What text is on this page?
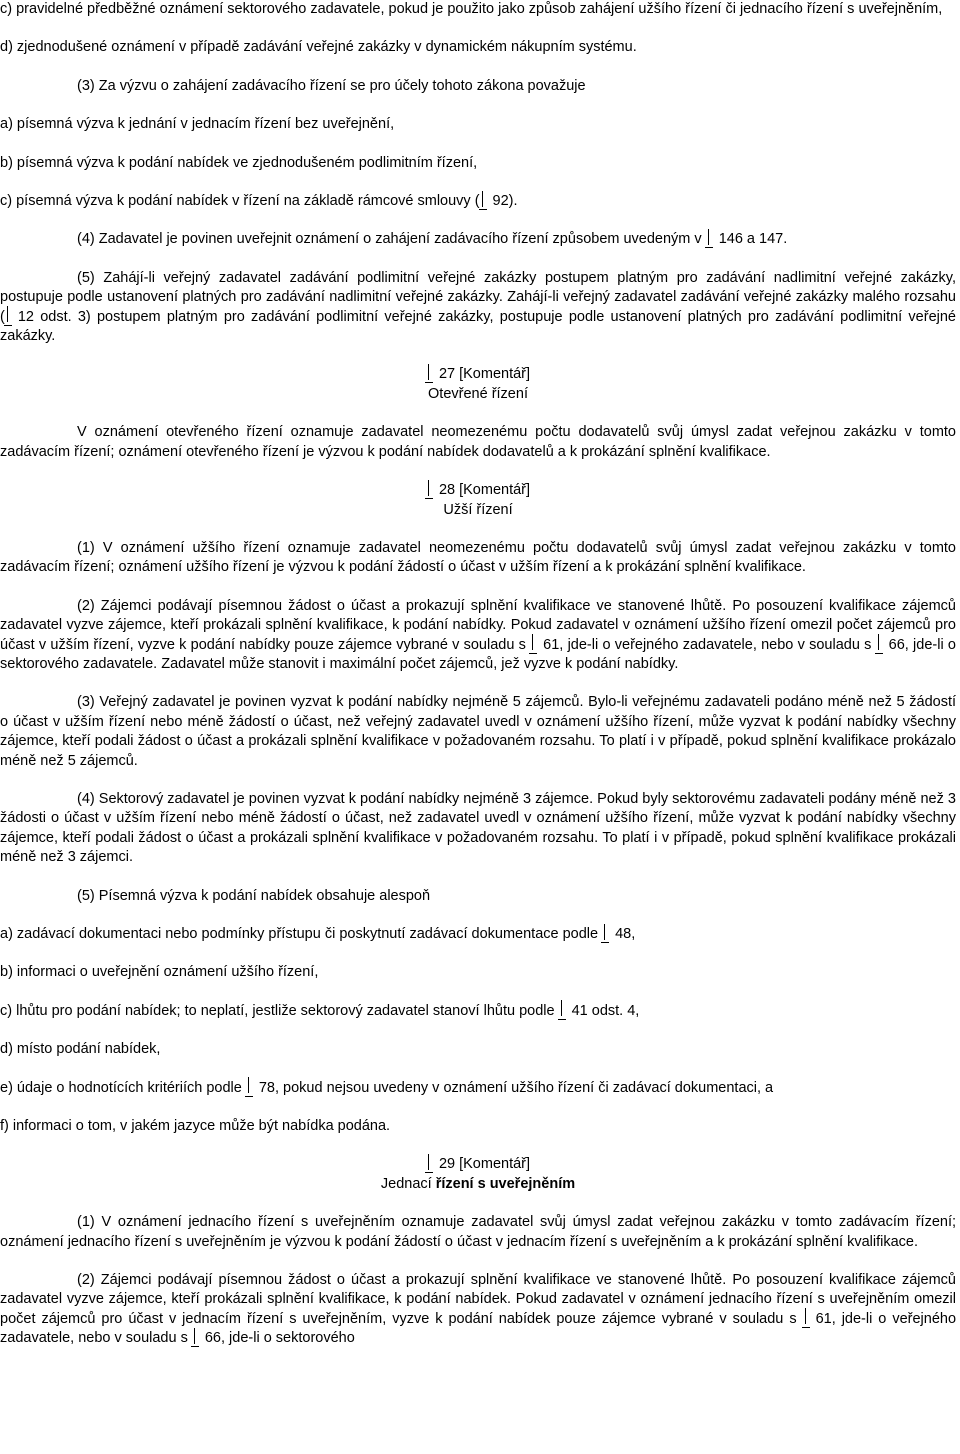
c) pravidelné předběžné oznámení sektorového zadavatele, pokud je použito jako způsob zahájení užšího řízení či jednacího řízení s uveřejněním,

d) zjednodušené oznámení v případě zadávání veřejné zakázky v dynamickém nákupním systému.

(3) Za výzvu o zahájení zadávacího řízení se pro účely tohoto zákona považuje

a) písemná výzva k jednání v jednacím řízení bez uveřejnění,

b) písemná výzva k podání nabídek ve zjednodušeném podlimitním řízení,

c) písemná výzva k podání nabídek v řízení na základě rámcové smlouvy ( 92).

(4) Zadavatel je povinen uveřejnit oznámení o zahájení zadávacího řízení způsobem uvedeným v 146 a 147.

(5) Zahájí-li veřejný zadavatel zadávání podlimitní veřejné zakázky postupem platným pro zadávání nadlimitní veřejné zakázky, postupuje podle ustanovení platných pro zadávání nadlimitní veřejné zakázky. Zahájí-li veřejný zadavatel zadávání veřejné zakázky malého rozsahu ( 12 odst. 3) postupem platným pro zadávání podlimitní veřejné zakázky, postupuje podle ustanovení platných pro zadávání podlimitní veřejné zakázky.

27 [Komentář]

Otevřené řízení

V oznámení otevřeného řízení oznamuje zadavatel neomezenému počtu dodavatelů svůj úmysl zadat veřejnou zakázku v tomto zadávacím řízení; oznámení otevřeného řízení je výzvou k podání nabídek dodavatelů a k prokázání splnění kvalifikace.

28 [Komentář]

Užší řízení

(1) V oznámení užšího řízení oznamuje zadavatel neomezenému počtu dodavatelů svůj úmysl zadat veřejnou zakázku v tomto zadávacím řízení; oznámení užšího řízení je výzvou k podání žádostí o účast v užším řízení a k prokázání splnění kvalifikace.

(2) Zájemci podávají písemnou žádost o účast a prokazují splnění kvalifikace ve stanovené lhůtě. Po posouzení kvalifikace zájemců zadavatel vyzve zájemce, kteří prokázali splnění kvalifikace, k podání nabídky. Pokud zadavatel v oznámení užšího řízení omezil počet zájemců pro účast v užším řízení, vyzve k podání nabídky pouze zájemce vybrané v souladu s 61, jde-li o veřejného zadavatele, nebo v souladu s 66, jde-li o sektorového zadavatele. Zadavatel může stanovit i maximální počet zájemců, jež vyzve k podání nabídky.

(3) Veřejný zadavatel je povinen vyzvat k podání nabídky nejméně 5 zájemců. Bylo-li veřejnému zadavateli podáno méně než 5 žádostí o účast v užším řízení nebo méně žádostí o účast, než veřejný zadavatel uvedl v oznámení užšího řízení, může vyzvat k podání nabídky všechny zájemce, kteří podali žádost o účast a prokázali splnění kvalifikace v požadovaném rozsahu. To platí i v případě, pokud splnění kvalifikace prokázalo méně než 5 zájemců.

(4) Sektorový zadavatel je povinen vyzvat k podání nabídky nejméně 3 zájemce. Pokud byly sektorovému zadavateli podány méně než 3 žádosti o účast v užším řízení nebo méně žádostí o účast, než zadavatel uvedl v oznámení užšího řízení, může vyzvat k podání nabídky všechny zájemce, kteří podali žádost o účast a prokázali splnění kvalifikace v požadovaném rozsahu. To platí i v případě, pokud splnění kvalifikace prokázali méně než 3 zájemci.

(5) Písemná výzva k podání nabídek obsahuje alespoň

a) zadávací dokumentaci nebo podmínky přístupu či poskytnutí zadávací dokumentace podle 48,

b) informaci o uveřejnění oznámení užšího řízení,

c) lhůtu pro podání nabídek; to neplatí, jestliže sektorový zadavatel stanoví lhůtu podle 41 odst. 4,

d) místo podání nabídek,

e) údaje o hodnotících kritériích podle 78, pokud nejsou uvedeny v oznámení užšího řízení či zadávací dokumentaci, a

f) informaci o tom, v jakém jazyce může být nabídka podána.

29 [Komentář]

Jednací řízení s uveřejněním

(1) V oznámení jednacího řízení s uveřejněním oznamuje zadavatel svůj úmysl zadat veřejnou zakázku v tomto zadávacím řízení; oznámení jednacího řízení s uveřejněním je výzvou k podání žádostí o účast v jednacím řízení s uveřejněním a k prokázání splnění kvalifikace.

(2) Zájemci podávají písemnou žádost o účast a prokazují splnění kvalifikace ve stanovené lhůtě. Po posouzení kvalifikace zájemců zadavatel vyzve zájemce, kteří prokázali splnění kvalifikace, k podání nabídek. Pokud zadavatel v oznámení jednacího řízení s uveřejněním omezil počet zájemců pro účast v jednacím řízení s uveřejněním, vyzve k podání nabídek pouze zájemce vybrané v souladu s 61, jde-li o veřejného zadavatele, nebo v souladu s 66, jde-li o sektorového
